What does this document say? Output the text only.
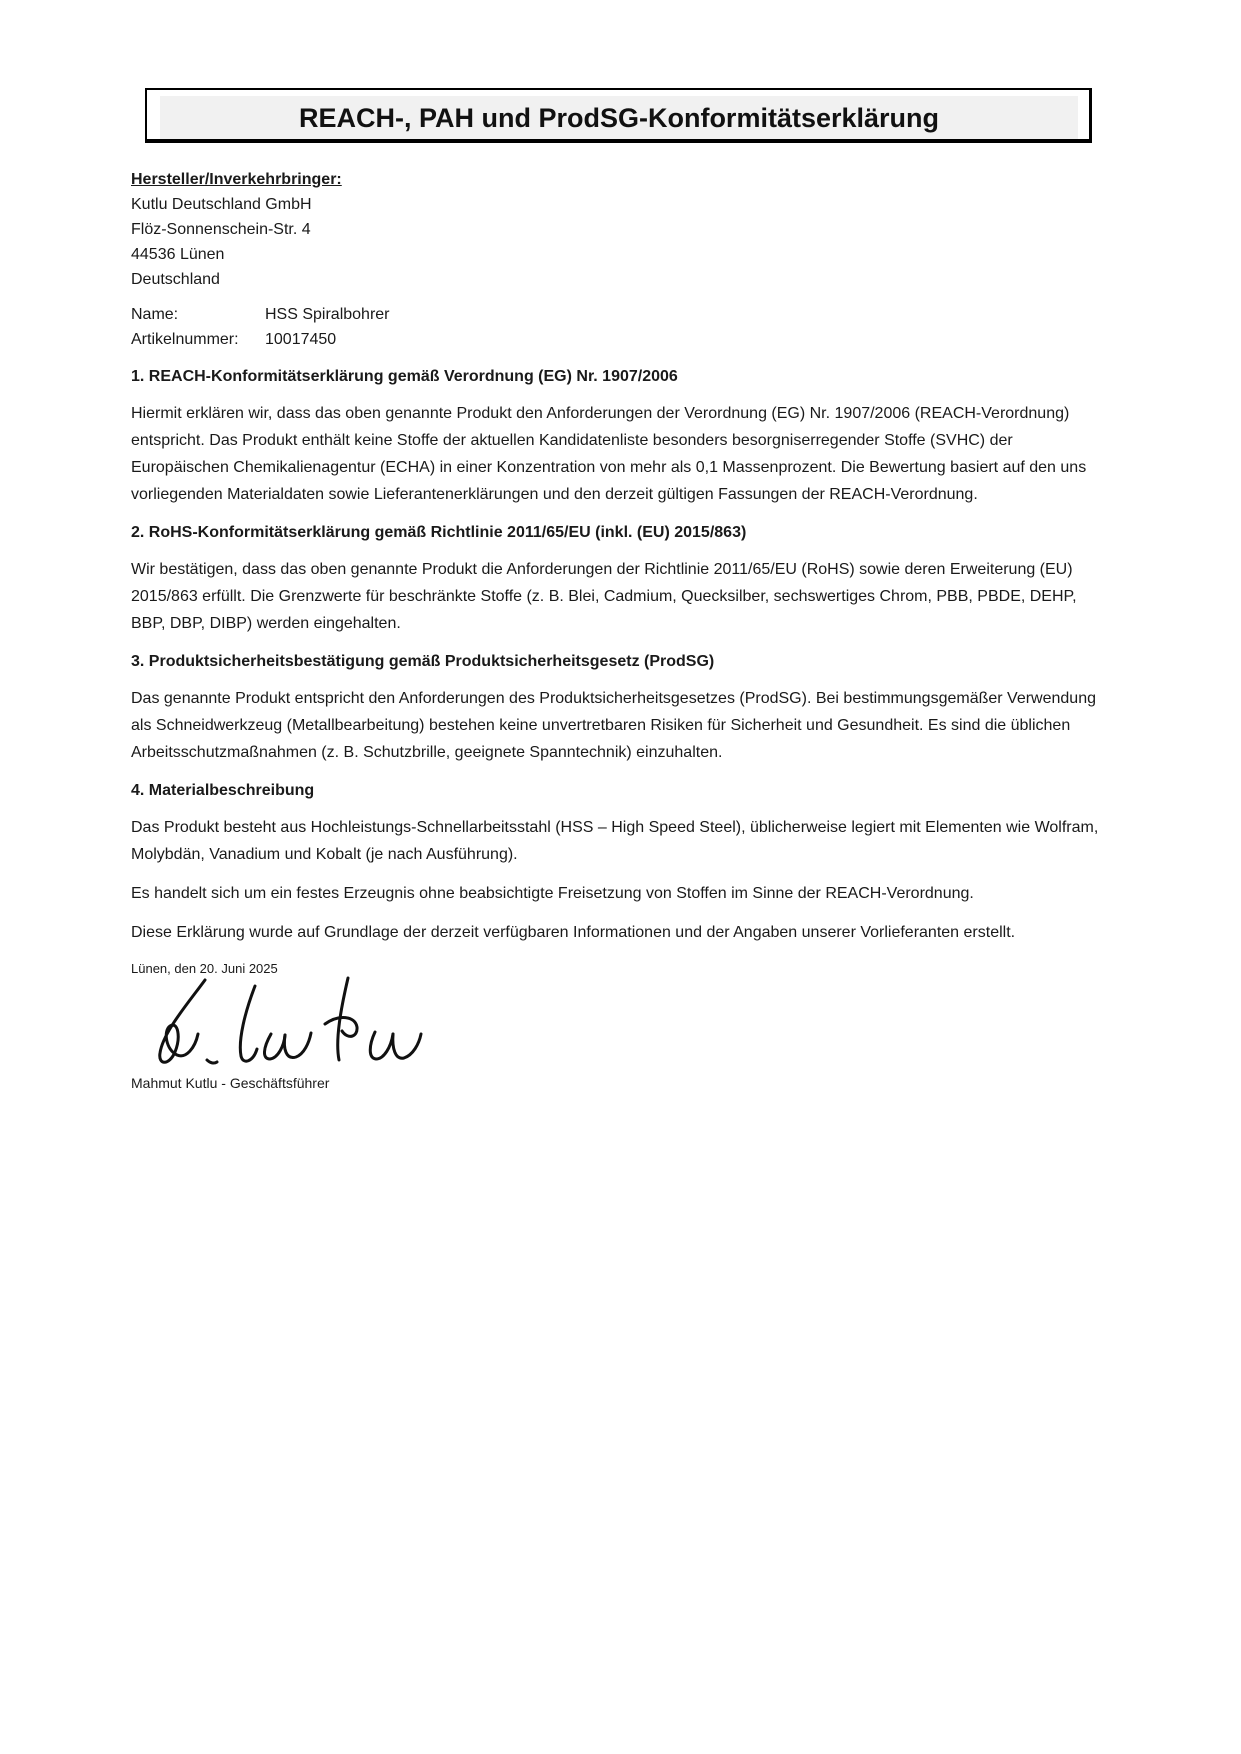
REACH-, PAH und ProdSG-Konformitätserklärung
Hersteller/Inverkehrbringer:
Kutlu Deutschland GmbH
Flöz-Sonnenschein-Str. 4
44536 Lünen
Deutschland
Name:	HSS Spiralbohrer
Artikelnummer:	10017450
1. REACH-Konformitätserklärung gemäß Verordnung (EG) Nr. 1907/2006

Hiermit erklären wir, dass das oben genannte Produkt den Anforderungen der Verordnung (EG) Nr. 1907/2006 (REACH-Verordnung) entspricht. Das Produkt enthält keine Stoffe der aktuellen Kandidatenliste besonders besorgniserregender Stoffe (SVHC) der Europäischen Chemikalienagentur (ECHA) in einer Konzentration von mehr als 0,1 Massenprozent. Die Bewertung basiert auf den uns vorliegenden Materialdaten sowie Lieferantenerklärungen und den derzeit gültigen Fassungen der REACH-Verordnung.

2. RoHS-Konformitätserklärung gemäß Richtlinie 2011/65/EU (inkl. (EU) 2015/863)

Wir bestätigen, dass das oben genannte Produkt die Anforderungen der Richtlinie 2011/65/EU (RoHS) sowie deren Erweiterung (EU) 2015/863 erfüllt. Die Grenzwerte für beschränkte Stoffe (z. B. Blei, Cadmium, Quecksilber, sechswertiges Chrom, PBB, PBDE, DEHP, BBP, DBP, DIBP) werden eingehalten.

3. Produktsicherheitsbestätigung gemäß Produktsicherheitsgesetz (ProdSG)

Das genannte Produkt entspricht den Anforderungen des Produktsicherheitsgesetzes (ProdSG). Bei bestimmungsgemäßer Verwendung als Schneidwerkzeug (Metallbearbeitung) bestehen keine unvertretbaren Risiken für Sicherheit und Gesundheit. Es sind die üblichen Arbeitsschutzmaßnahmen (z. B. Schutzbrille, geeignete Spanntechnik) einzuhalten.

4. Materialbeschreibung

Das Produkt besteht aus Hochleistungs-Schnellarbeitsstahl (HSS – High Speed Steel), üblicherweise legiert mit Elementen wie Wolfram, Molybdän, Vanadium und Kobalt (je nach Ausführung).

Es handelt sich um ein festes Erzeugnis ohne beabsichtigte Freisetzung von Stoffen im Sinne der REACH-Verordnung.

Diese Erklärung wurde auf Grundlage der derzeit verfügbaren Informationen und der Angaben unserer Vorlieferanten erstellt.

Lünen, den 20. Juni 2025
Mahmut Kutlu - Geschäftsführer
